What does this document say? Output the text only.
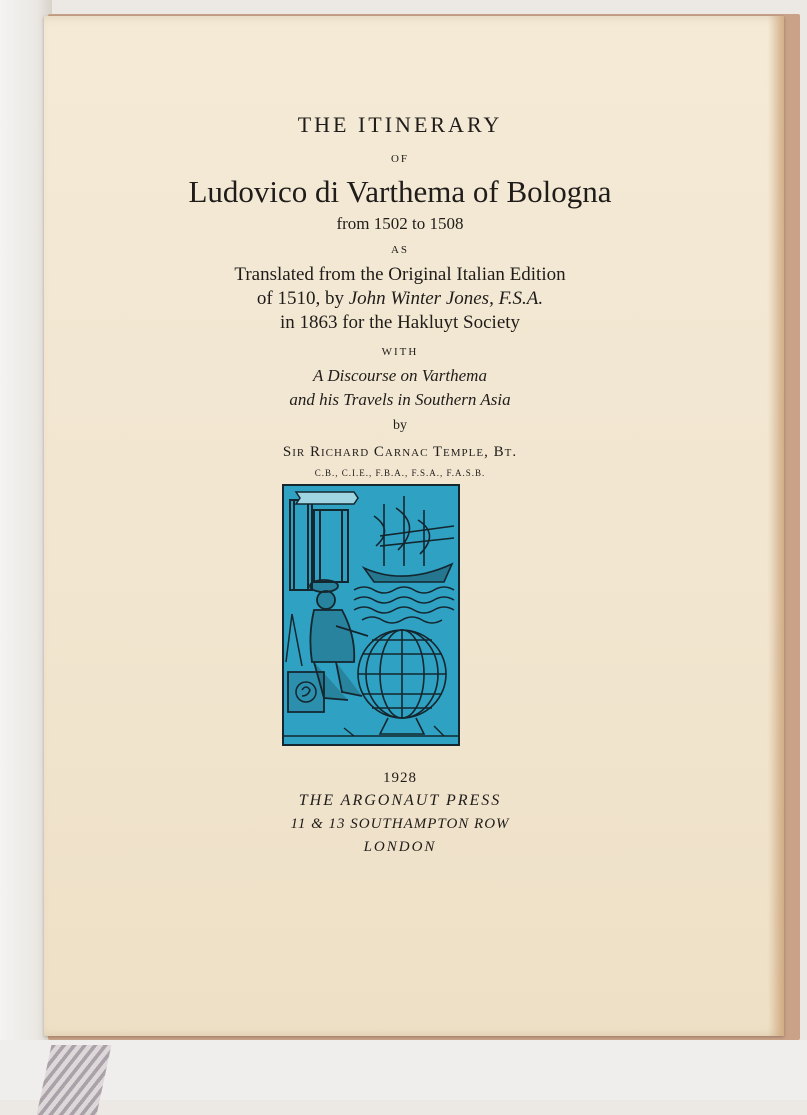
THE ITINERARY
OF
Ludovico di Varthema of Bologna
from 1502 to 1508
AS
Translated from the Original Italian Edition
of 1510, by John Winter Jones, F.S.A.
in 1863 for the Hakluyt Society
WITH
A Discourse on Varthema
and his Travels in Southern Asia
by
Sir Richard Carnac Temple, Bt.
C.B., C.I.E., F.B.A., F.S.A., F.A.S.B.
1928
THE ARGONAUT PRESS
11 & 13 SOUTHAMPTON ROW
LONDON
